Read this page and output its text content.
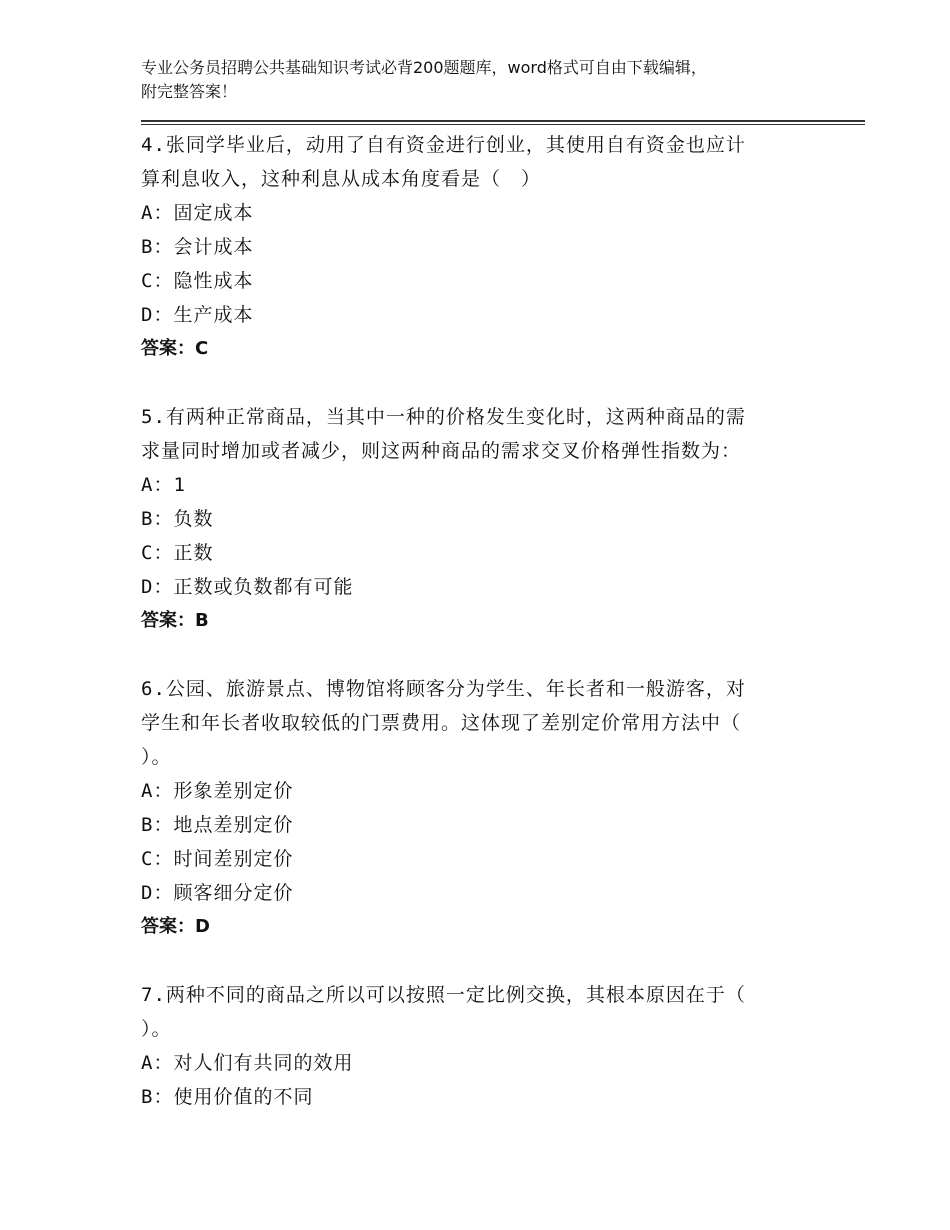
专业公务员招聘公共基础知识考试必背200题题库，word格式可自由下载编辑，
附完整答案！
4.张同学毕业后，动用了自有资金进行创业，其使用自有资金也应计
算利息收入，这种利息从成本角度看是（　）
A：固定成本
B：会计成本
C：隐性成本
D：生产成本
答案：C
5.有两种正常商品，当其中一种的价格发生变化时，这两种商品的需
求量同时增加或者减少，则这两种商品的需求交叉价格弹性指数为：
A：1
B：负数
C：正数
D：正数或负数都有可能
答案：B
6.公园、旅游景点、博物馆将顾客分为学生、年长者和一般游客，对
学生和年长者收取较低的门票费用。这体现了差别定价常用方法中（
）。
A：形象差别定价
B：地点差别定价
C：时间差别定价
D：顾客细分定价
答案：D
7.两种不同的商品之所以可以按照一定比例交换，其根本原因在于（
）。
A：对人们有共同的效用
B：使用价值的不同
